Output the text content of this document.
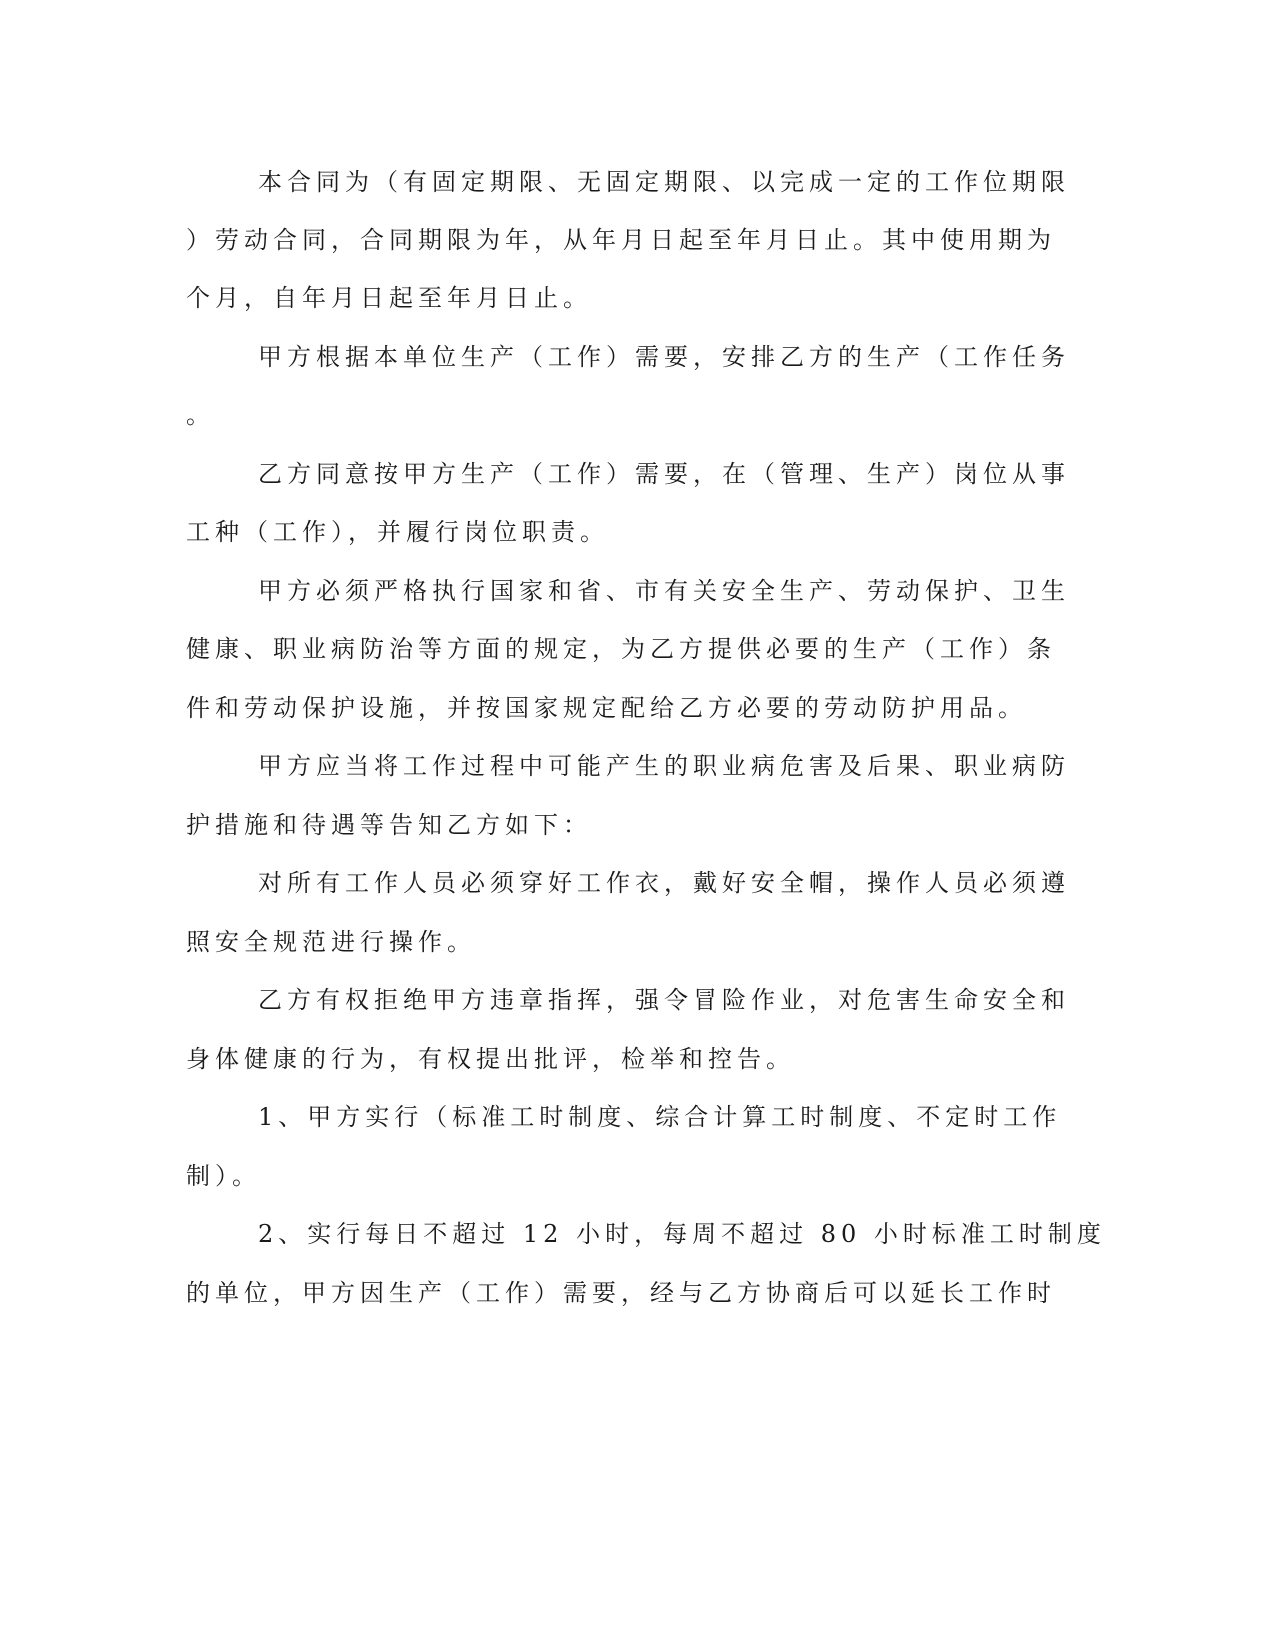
本合同为（有固定期限、无固定期限、以完成一定的工作位期限
）劳动合同，合同期限为年，从年月日起至年月日止。其中使用期为
个月，自年月日起至年月日止。
甲方根据本单位生产（工作）需要，安排乙方的生产（工作任务
。
乙方同意按甲方生产（工作）需要，在（管理、生产）岗位从事
工种（工作），并履行岗位职责。
甲方必须严格执行国家和省、市有关安全生产、劳动保护、卫生
健康、职业病防治等方面的规定，为乙方提供必要的生产（工作）条
件和劳动保护设施，并按国家规定配给乙方必要的劳动防护用品。
甲方应当将工作过程中可能产生的职业病危害及后果、职业病防
护措施和待遇等告知乙方如下：
对所有工作人员必须穿好工作衣，戴好安全帽，操作人员必须遵
照安全规范进行操作。
乙方有权拒绝甲方违章指挥，强令冒险作业，对危害生命安全和
身体健康的行为，有权提出批评，检举和控告。
1、甲方实行（标准工时制度、综合计算工时制度、不定时工作
制）。
2、实行每日不超过 12 小时，每周不超过 80 小时标准工时制度
的单位，甲方因生产（工作）需要，经与乙方协商后可以延长工作时
